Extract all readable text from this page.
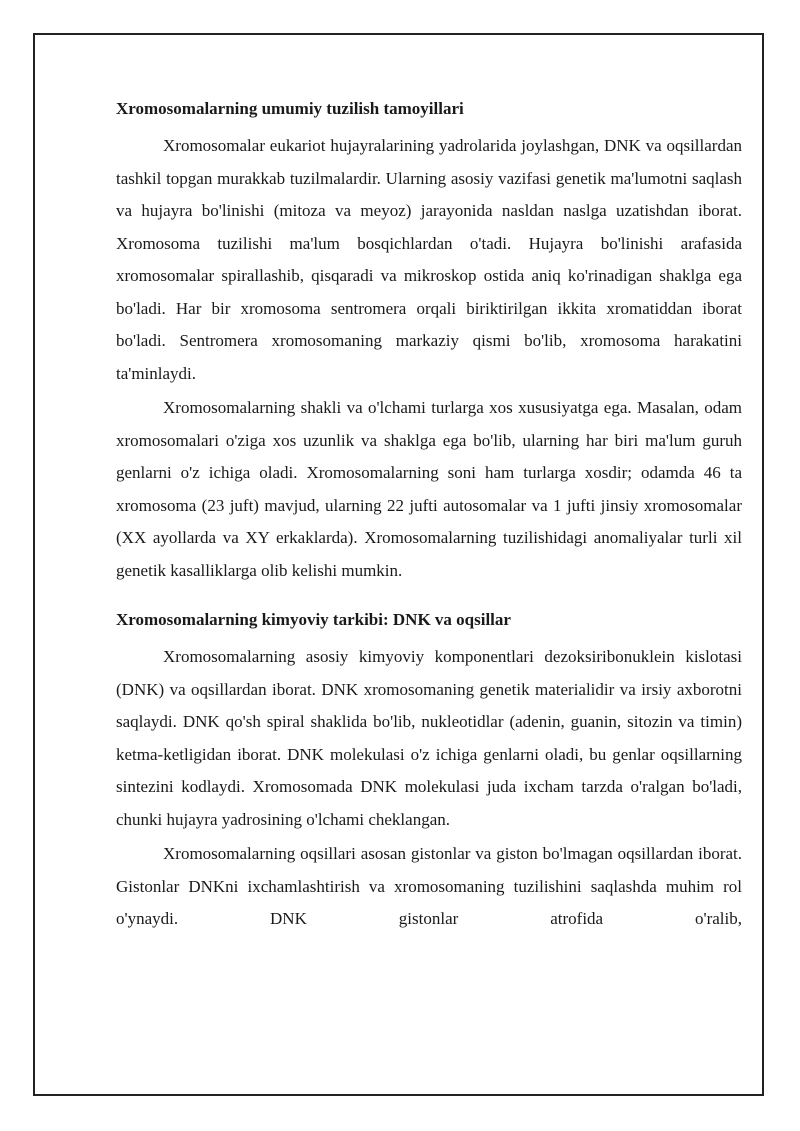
Xromosomalarning umumiy tuzilish tamoyillari

Xromosomalar eukariot hujayralarining yadrolarida joylashgan, DNK va oqsillardan tashkil topgan murakkab tuzilmalardir. Ularning asosiy vazifasi genetik ma'lumotni saqlash va hujayra bo'linishi (mitoza va meyoz) jarayonida nasldan naslga uzatishdan iborat. Xromosoma tuzilishi ma'lum bosqichlardan o'tadi. Hujayra bo'linishi arafasida xromosomalar spirallashib, qisqaradi va mikroskop ostida aniq ko'rinadigan shaklga ega bo'ladi. Har bir xromosoma sentromera orqali biriktirilgan ikkita xromatiddan iborat bo'ladi. Sentromera xromosomaning markaziy qismi bo'lib, xromosoma harakatini ta'minlaydi.

Xromosomalarning shakli va o'lchami turlarga xos xususiyatga ega. Masalan, odam xromosomalari o'ziga xos uzunlik va shaklga ega bo'lib, ularning har biri ma'lum guruh genlarni o'z ichiga oladi. Xromosomalarning soni ham turlarga xosdir; odamda 46 ta xromosoma (23 juft) mavjud, ularning 22 jufti autosomalar va 1 jufti jinsiy xromosomalar (XX ayollarda va XY erkaklarda). Xromosomalarning tuzilishidagi anomaliyalar turli xil genetik kasalliklarga olib kelishi mumkin.

Xromosomalarning kimyoviy tarkibi: DNK va oqsillar

Xromosomalarning asosiy kimyoviy komponentlari dezoksiribonuklein kislotasi (DNK) va oqsillardan iborat. DNK xromosomaning genetik materialidir va irsiy axborotni saqlaydi. DNK qo'sh spiral shaklida bo'lib, nukleotidlar (adenin, guanin, sitozin va timin) ketma-ketligidan iborat. DNK molekulasi o'z ichiga genlarni oladi, bu genlar oqsillarning sintezini kodlaydi. Xromosomada DNK molekulasi juda ixcham tarzda o'ralgan bo'ladi, chunki hujayra yadrosining o'lchami cheklangan.

Xromosomalarning oqsillari asosan gistonlar va giston bo'lmagan oqsillardan iborat. Gistonlar DNKni ixchamlashtirish va xromosomaning tuzilishini saqlashda muhim rol o'ynaydi. DNK gistonlar atrofida o'ralib,
